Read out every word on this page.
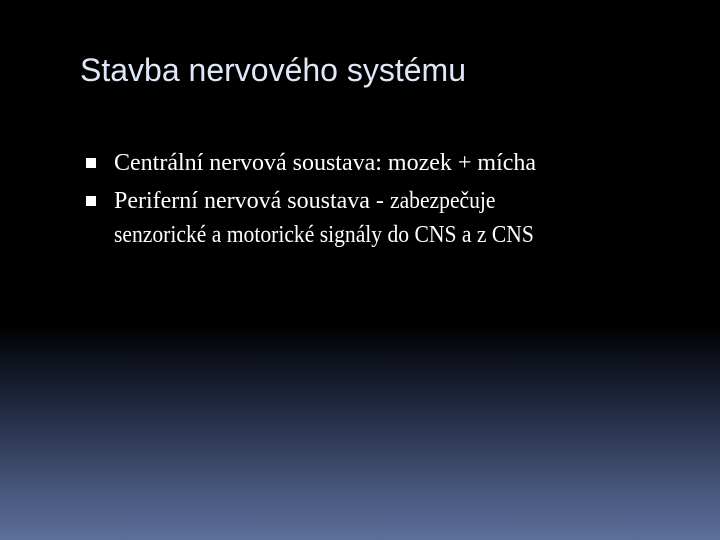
Stavba nervového systému
Centrální nervová soustava: mozek + mícha
Periferní nervová soustava - zabezpečuje
senzorické a motorické signály do CNS a z CNS
